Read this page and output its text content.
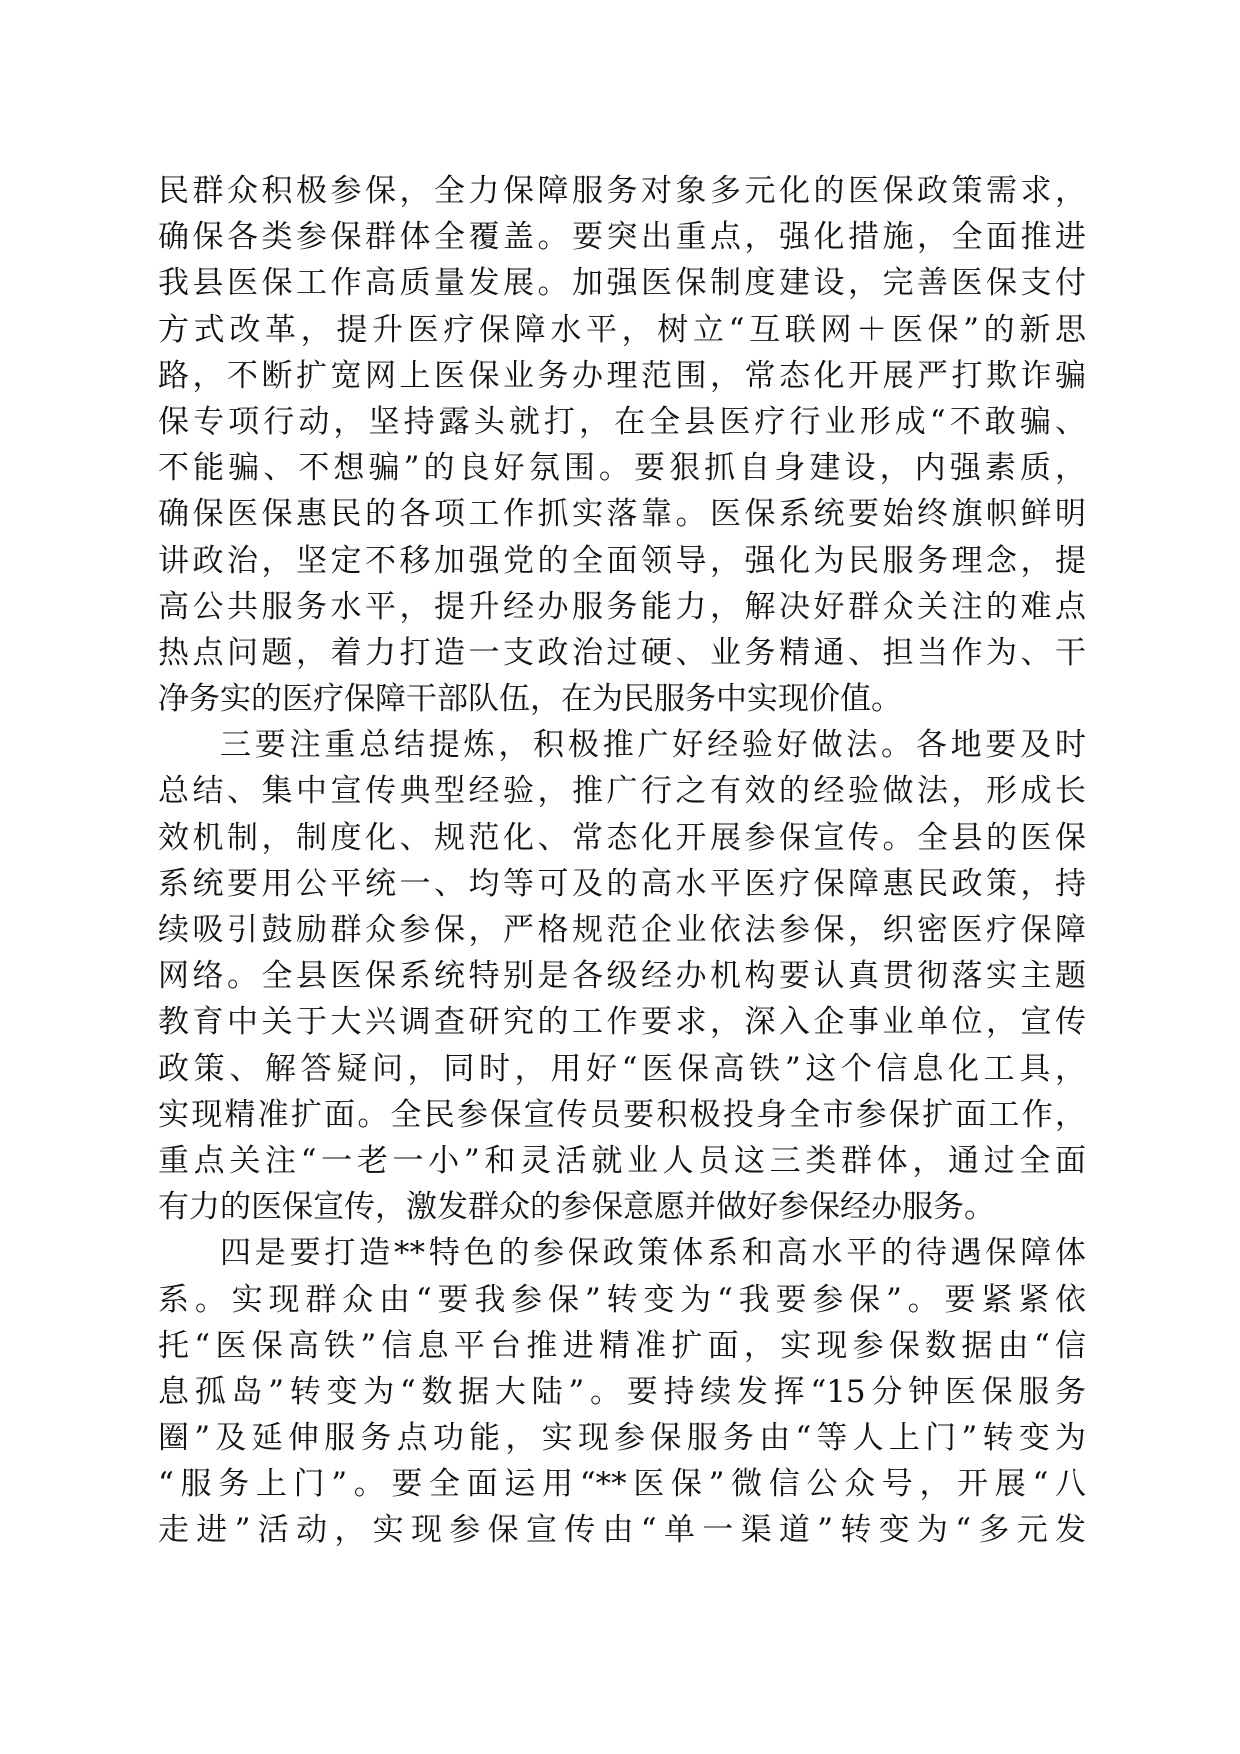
民群众积极参保，全力保障服务对象多元化的医保政策需求，
确保各类参保群体全覆盖。要突出重点，强化措施，全面推进
我县医保工作高质量发展。加强医保制度建设，完善医保支付
方式改革，提升医疗保障水平，树立“互联网＋医保”的新思
路，不断扩宽网上医保业务办理范围，常态化开展严打欺诈骗
保专项行动，坚持露头就打，在全县医疗行业形成“不敢骗、
不能骗、不想骗”的良好氛围。要狠抓自身建设，内强素质，
确保医保惠民的各项工作抓实落靠。医保系统要始终旗帜鲜明
讲政治，坚定不移加强党的全面领导，强化为民服务理念，提
高公共服务水平，提升经办服务能力，解决好群众关注的难点
热点问题，着力打造一支政治过硬、业务精通、担当作为、干
净务实的医疗保障干部队伍，在为民服务中实现价值。
三要注重总结提炼，积极推广好经验好做法。各地要及时
总结、集中宣传典型经验，推广行之有效的经验做法，形成长
效机制，制度化、规范化、常态化开展参保宣传。全县的医保
系统要用公平统一、均等可及的高水平医疗保障惠民政策，持
续吸引鼓励群众参保，严格规范企业依法参保，织密医疗保障
网络。全县医保系统特别是各级经办机构要认真贯彻落实主题
教育中关于大兴调查研究的工作要求，深入企事业单位，宣传
政策、解答疑问，同时，用好“医保高铁”这个信息化工具，
实现精准扩面。全民参保宣传员要积极投身全市参保扩面工作，
重点关注“一老一小”和灵活就业人员这三类群体，通过全面
有力的医保宣传，激发群众的参保意愿并做好参保经办服务。
四是要打造**特色的参保政策体系和高水平的待遇保障体
系。实现群众由“要我参保”转变为“我要参保”。要紧紧依
托“医保高铁”信息平台推进精准扩面，实现参保数据由“信
息孤岛”转变为“数据大陆”。要持续发挥“15分钟医保服务
圈”及延伸服务点功能，实现参保服务由“等人上门”转变为
“服务上门”。要全面运用“**医保”微信公众号，开展“八
走进”活动，实现参保宣传由“单一渠道”转变为“多元发
